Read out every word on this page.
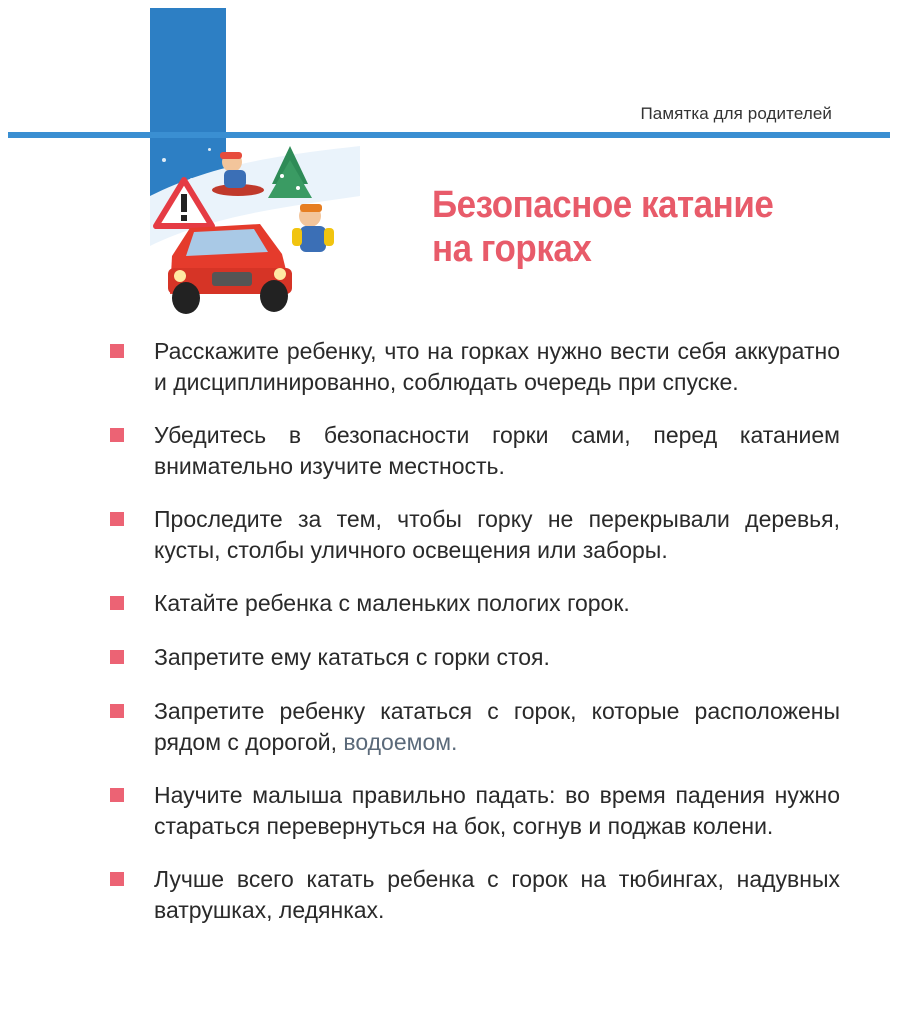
Памятка для родителей
Безопасное катание
на горках
Расскажите ребенку, что на горках нужно вести себя аккуратно и дисциплинированно, соблюдать очередь при спуске.
Убедитесь в безопасности горки сами, перед катанием внимательно изучите местность.
Проследите за тем, чтобы горку не перекрывали деревья, кусты, столбы уличного освещения или заборы.
Катайте ребенка с маленьких пологих горок.
Запретите ему кататься с горки стоя.
Запретите ребенку кататься с горок, которые расположены рядом с дорогой, водоемом.
Научите малыша правильно падать: во время падения нужно стараться перевернуться на бок, согнув и поджав колени.
Лучше всего катать ребенка с горок на тюбингах, надувных ватрушках, ледянках.
